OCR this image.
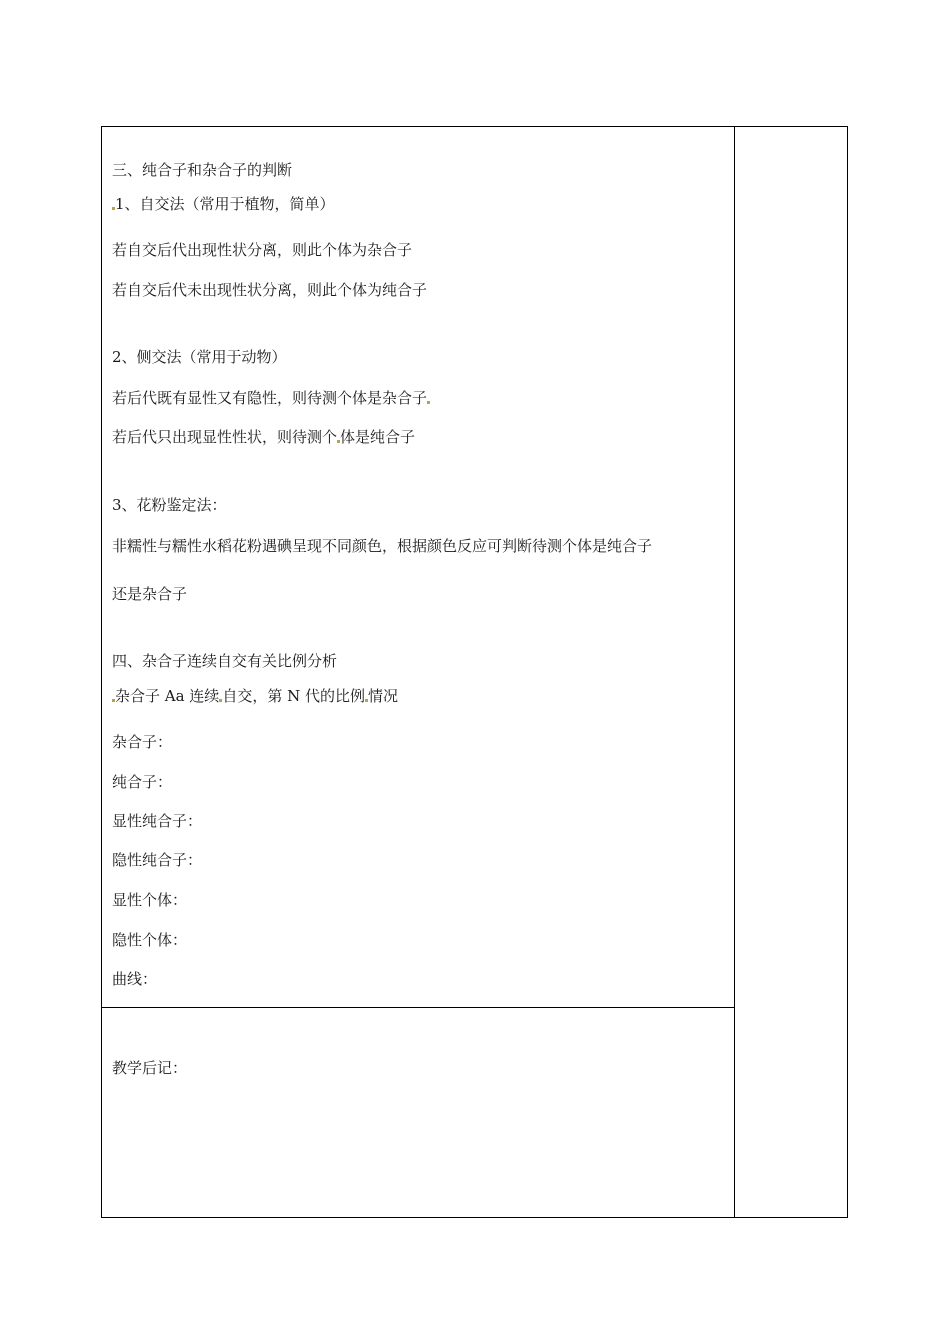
三、纯合子和杂合子的判断
1、自交法（常用于植物，简单）
若自交后代出现性状分离，则此个体为杂合子
若自交后代未出现性状分离，则此个体为纯合子
2、侧交法（常用于动物）
若后代既有显性又有隐性，则待测个体是杂合子
若后代只出现显性性状，则待测个 体是纯合子
3、花粉鉴定法：
非糯性与糯性水稻花粉遇碘呈现不同颜色，根据颜色反应可判断待测个体是纯合子
还是杂合子
四、杂合子连续自交有关比例分析
杂合子 Aa 连续 自交，第 N 代的比例 情况
杂合子：
纯合子：
显性纯合子：
隐性纯合子：
显性个体：
隐性个体：
曲线：
教学后记：
